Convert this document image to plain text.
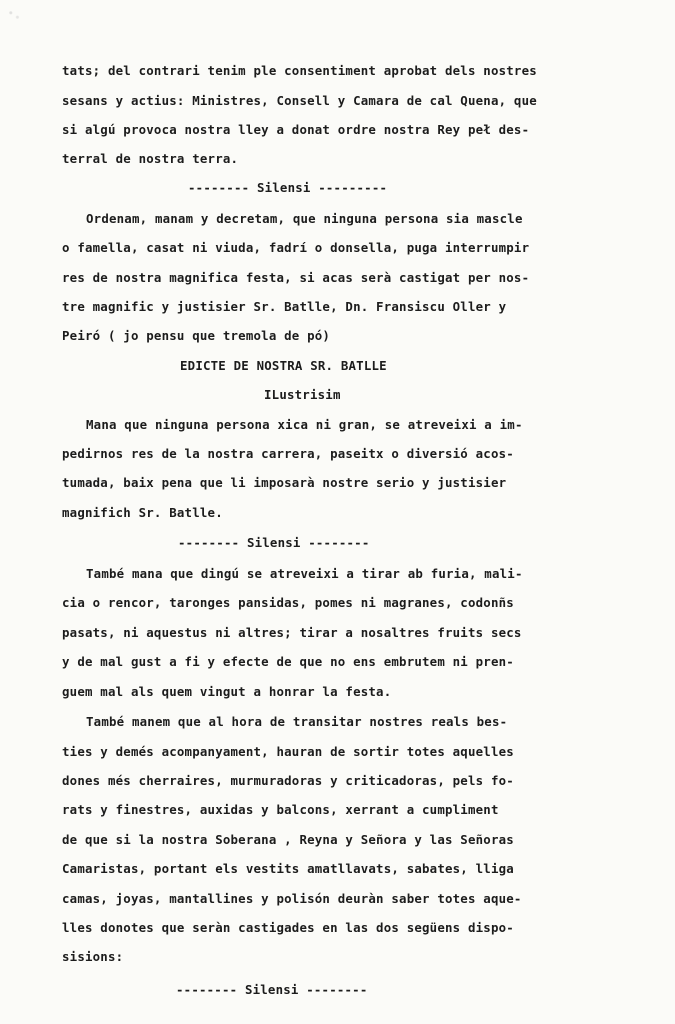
tats; del contrari tenim ple consentiment aprobat dels nostres
sesans y actius: Ministres, Consell y Camara de cal Quena, que
si algú provoca nostra lley a donat ordre nostra Rey peł des-
terral de nostra terra.
-------- Silensi ---------
Ordenam, manam y decretam, que ninguna persona sia mascle
o famella, casat ni viuda, fadrí o donsella, puga interrumpir
res de nostra magnifica festa, si acas serà castigat per nos-
tre magnific y justisier Sr. Batlle, Dn. Fransiscu Oller y
Peiró ( jo pensu que tremola de pó)
EDICTE DE NOSTRA SR. BATLLE
ILustrisim
Mana que ninguna persona xica ni gran, se atreveixi a im-
pedirnos res de la nostra carrera, paseitx o diversió acos-
tumada, baix pena que li imposarà nostre serio y justisier
magnifich Sr. Batlle.
-------- Silensi --------
També mana que dingú se atreveixi a tirar ab furia, mali-
cia o rencor, taronges pansidas, pomes ni magranes, codonñs
pasats, ni aquestus ni altres; tirar a nosaltres fruits secs
y de mal gust a fi y efecte de que no ens embrutem ni pren-
guem mal als quem vingut a honrar la festa.
També manem que al hora de transitar nostres reals bes-
ties y demés acompanyament, hauran de sortir totes aquelles
dones més cherraires, murmuradoras y criticadoras, pels fo-
rats y finestres, auxidas y balcons, xerrant a cumpliment
de que si la nostra Soberana , Reyna y Señora y las Señoras
Camaristas, portant els vestits amatllavats, sabates, lliga
camas, joyas, mantallines y polisón deuràn saber totes aque-
lles donotes que seràn castigades en las dos següens dispo-
sisions:
-------- Silensi --------
